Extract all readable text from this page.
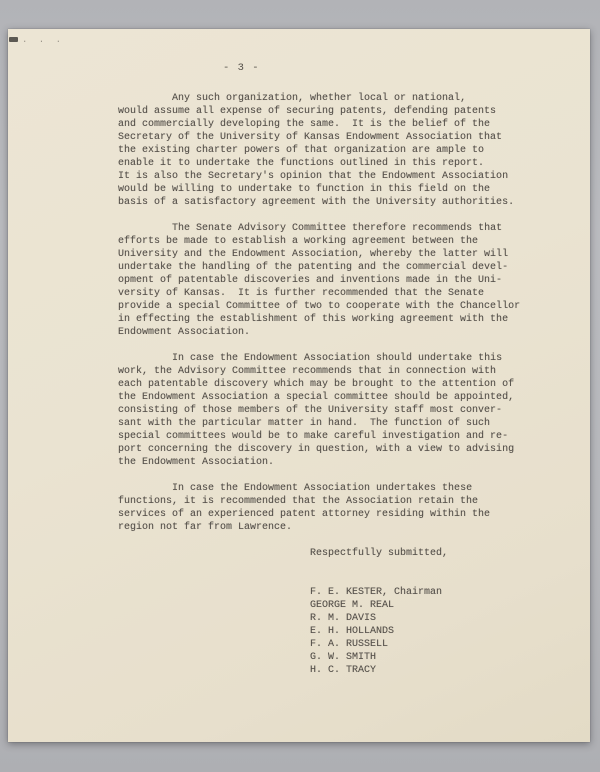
. . .
- 3 -
Any such organization, whether local or national,
would assume all expense of securing patents, defending patents
and commercially developing the same.  It is the belief of the
Secretary of the University of Kansas Endowment Association that
the existing charter powers of that organization are ample to
enable it to undertake the functions outlined in this report.
It is also the Secretary's opinion that the Endowment Association
would be willing to undertake to function in this field on the
basis of a satisfactory agreement with the University authorities.
The Senate Advisory Committee therefore recommends that
efforts be made to establish a working agreement between the
University and the Endowment Association, whereby the latter will
undertake the handling of the patenting and the commercial devel-
opment of patentable discoveries and inventions made in the Uni-
versity of Kansas.  It is further recommended that the Senate
provide a special Committee of two to cooperate with the Chancellor
in effecting the establishment of this working agreement with the
Endowment Association.
In case the Endowment Association should undertake this
work, the Advisory Committee recommends that in connection with
each patentable discovery which may be brought to the attention of
the Endowment Association a special committee should be appointed,
consisting of those members of the University staff most conver-
sant with the particular matter in hand.  The function of such
special committees would be to make careful investigation and re-
port concerning the discovery in question, with a view to advising
the Endowment Association.
In case the Endowment Association undertakes these
functions, it is recommended that the Association retain the
services of an experienced patent attorney residing within the
region not far from Lawrence.
Respectfully submitted,
F. E. KESTER, Chairman
GEORGE M. REAL
R. M. DAVIS
E. H. HOLLANDS
F. A. RUSSELL
G. W. SMITH
H. C. TRACY
